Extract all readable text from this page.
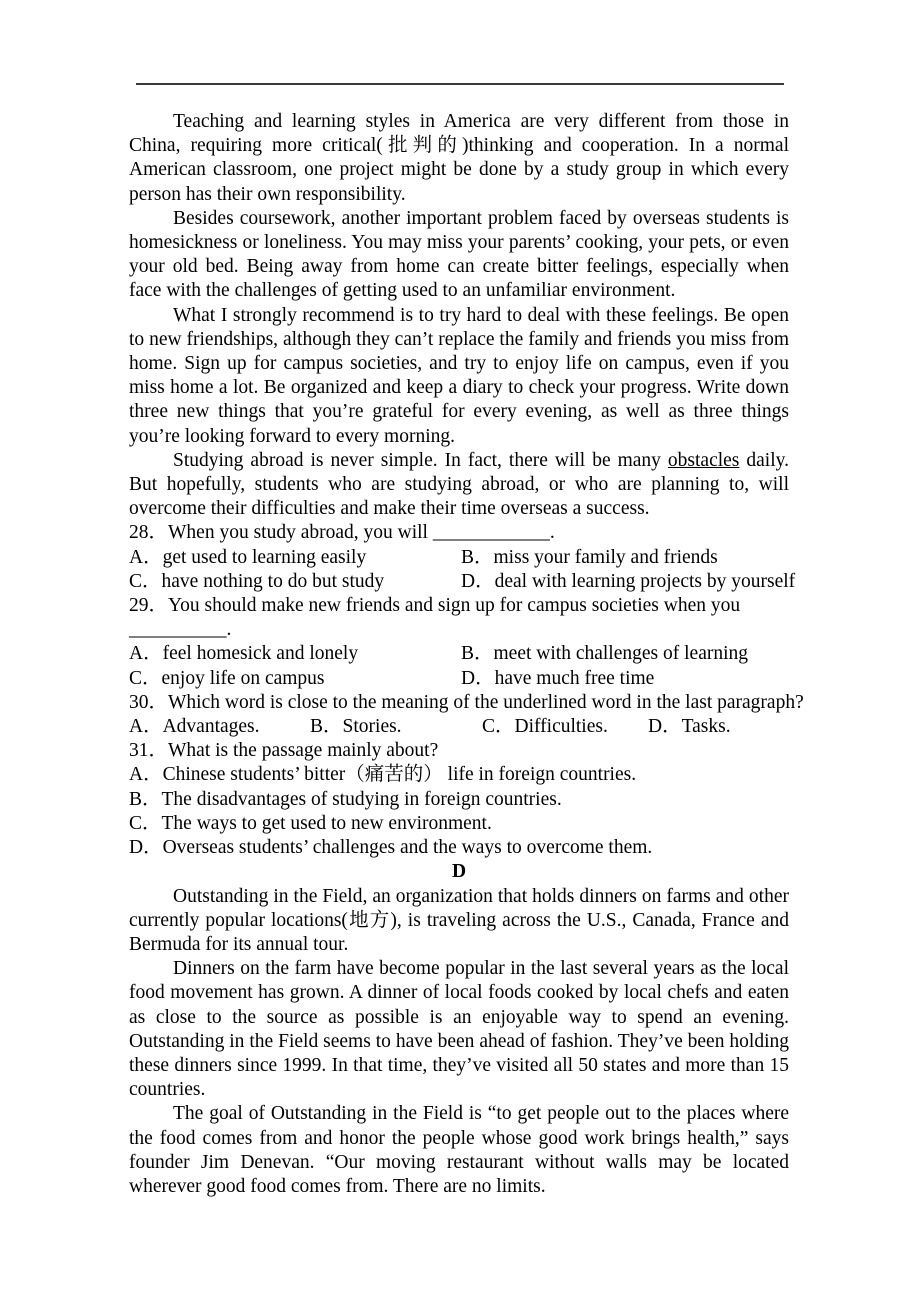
Teaching and learning styles in America are very different from those in China, requiring more critical(批判的)thinking and cooperation. In a normal American classroom, one project might be done by a study group in which every person has their own responsibility.

Besides coursework, another important problem faced by overseas students is homesickness or loneliness. You may miss your parents’ cooking, your pets, or even your old bed. Being away from home can create bitter feelings, especially when face with the challenges of getting used to an unfamiliar environment.

What I strongly recommend is to try hard to deal with these feelings. Be open to new friendships, although they can’t replace the family and friends you miss from home. Sign up for campus societies, and try to enjoy life on campus, even if you miss home a lot. Be organized and keep a diary to check your progress. Write down three new things that you’re grateful for every evening, as well as three things you’re looking forward to every morning.

Studying abroad is never simple. In fact, there will be many obstacles daily. But hopefully, students who are studying abroad, or who are planning to, will overcome their difficulties and make their time overseas a success.

28．When you study abroad, you will ____________.

A．get used to learning easily	B．miss your family and friends
C．have nothing to do but study	D．deal with learning projects by yourself

29．You should make new friends and sign up for campus societies when you

__________.

A．feel homesick and lonely	B．meet with challenges of learning
C．enjoy life on campus	D．have much free time

30．Which word is close to the meaning of the underlined word in the last paragraph?

A．Advantages.	B．Stories.	C．Difficulties.	D．Tasks.

31．What is the passage mainly about?

A．Chinese students’ bitter（痛苦的） life in foreign countries.

B．The disadvantages of studying in foreign countries.

C．The ways to get used to new environment.

D．Overseas students’ challenges and the ways to overcome them.

D

Outstanding in the Field, an organization that holds dinners on farms and other currently popular locations(地方), is traveling across the U.S., Canada, France and Bermuda for its annual tour.

Dinners on the farm have become popular in the last several years as the local food movement has grown. A dinner of local foods cooked by local chefs and eaten as close to the source as possible is an enjoyable way to spend an evening. Outstanding in the Field seems to have been ahead of fashion. They’ve been holding these dinners since 1999. In that time, they’ve visited all 50 states and more than 15 countries.

The goal of Outstanding in the Field is “to get people out to the places where the food comes from and honor the people whose good work brings health,” says founder Jim Denevan. “Our moving restaurant without walls may be located wherever good food comes from. There are no limits.
